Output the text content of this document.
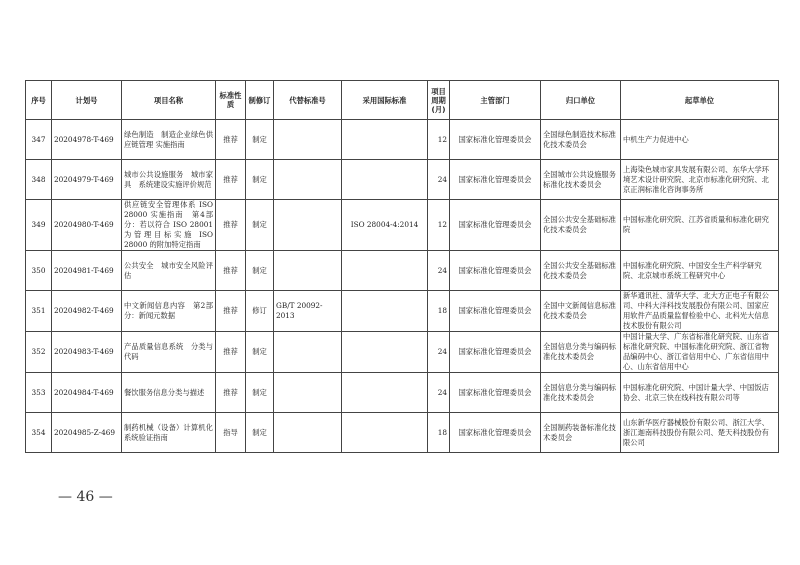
序号	计划号	项目名称	标准性质	制修订	代替标准号	采用国际标准	项目周期(月)	主管部门	归口单位	起草单位
347	20204978-T-469	绿色制造　制造企业绿色供应链管理 实施指南	推荐	制定			12	国家标准化管理委员会	全国绿色制造技术标准化技术委员会	中机生产力促进中心
348	20204979-T-469	城市公共设施服务　城市家具　系统建设实施评价规范	推荐	制定			24	国家标准化管理委员会	全国城市公共设施服务标准化技术委员会	上海染色城市家具发展有限公司、东华大学环境艺术设计研究院、北京市标准化研究院、北京正润标准化咨询事务所
349	20204980-T-469	供应链安全管理体系 ISO 28000 实施指南　第4部分：若以符合 ISO 28001 为管理目标实施 ISO 28000 的附加特定指南	推荐	制定		ISO 28004-4:2014	12	国家标准化管理委员会	全国公共安全基础标准化技术委员会	中国标准化研究院、江苏省质量和标准化研究院
350	20204981-T-469	公共安全　城市安全风险评估	推荐	制定			24	国家标准化管理委员会	全国公共安全基础标准化技术委员会	中国标准化研究院、中国安全生产科学研究院、北京城市系统工程研究中心
351	20204982-T-469	中文新闻信息内容　第2部分：新闻元数据	推荐	修订	GB/T 20092-2013		18	国家标准化管理委员会	全国中文新闻信息标准化技术委员会	新华通讯社、清华大学、北大方正电子有限公司、中科大洋科技发展股份有限公司、国家应用软件产品质量监督检验中心、北科光大信息技术股份有限公司
352	20204983-T-469	产品质量信息系统　分类与代码	推荐	制定			24	国家标准化管理委员会	全国信息分类与编码标准化技术委员会	中国计量大学、广东省标准化研究院、山东省标准化研究院、中国标准化研究院、浙江省物品编码中心、浙江省信用中心、广东省信用中心、山东省信用中心
353	20204984-T-469	餐饮服务信息分类与描述	推荐	制定			24	国家标准化管理委员会	全国信息分类与编码标准化技术委员会	中国标准化研究院、中国计量大学、中国饭店协会、北京三快在线科技有限公司等
354	20204985-Z-469	制药机械（设备）计算机化系统验证指南	指导	制定			18	国家标准化管理委员会	全国制药装备标准化技术委员会	山东新华医疗器械股份有限公司、浙江大学、浙江迦南科技股份有限公司、楚天科技股份有限公司
— 46 —
